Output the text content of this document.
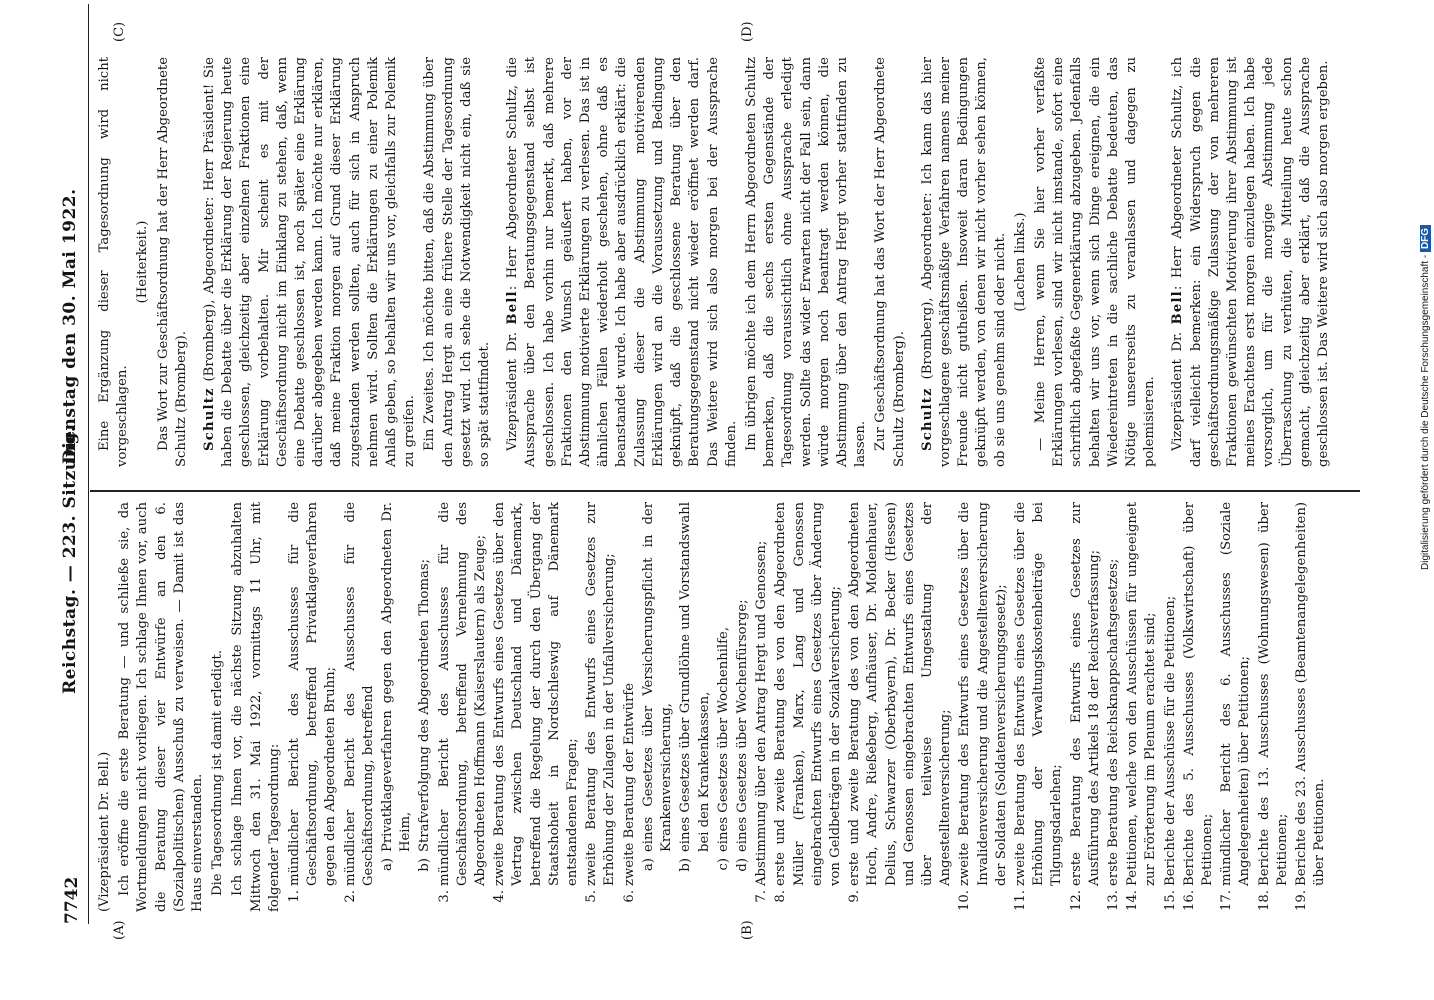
7742
Reichstag. — 223. Sitzung.
Dienstag den 30. Mai 1922.
(A)	(B)
(C)	(D)

(Vizepräsident Dr. Bell.) Ich eröffne die erste Beratung — und schließe sie, da Wortmeldungen nicht vorliegen. Ich schlage Ihnen vor, auch die Beratung dieser vier Entwürfe an den 6. (Sozialpolitischen) Ausschuß zu verweisen. — Damit ist das Haus einverstanden. Die Tagesordnung ist damit erledigt. Ich schlage Ihnen vor, die nächste Sitzung abzuhalten Mittwoch den 31. Mai 1922, vormittags 11 Uhr, mit folgender Tagesordnung: 1.
mündlicher Bericht des Ausschusses für die Geschäftsordnung, betreffend Privatklageverfahren gegen den Abgeordneten Bruhn;
2.
mündlicher Bericht des Ausschusses für die Geschäftsordnung, betreffend a)
Privatklageverfahren gegen den Abgeordneten Dr. Heim,
b)
Strafverfolgung des Abgeordneten Thomas;
3.
mündlicher Bericht des Ausschusses für die Geschäftsordnung, betreffend Vernehmung des Abgeordneten Hoffmann (Kaiserslautern) als Zeuge;
4.
zweite Beratung des Entwurfs eines Gesetzes über den Vertrag zwischen Deutschland und Dänemark, betreffend die Regelung der durch den Übergang der Staatshoheit in Nordschleswig auf Dänemark entstandenen Fragen;
5.
zweite Beratung des Entwurfs eines Gesetzes zur Erhöhung der Zulagen in der Unfallversicherung;
6.
zweite Beratung der Entwürfe a)
eines Gesetzes über Versicherungspflicht in der Krankenversicherung,
b)
eines Gesetzes über Grundlöhne und Vorstandswahl bei den Krankenkassen,
c)
eines Gesetzes über Wochenhilfe,
d)
eines Gesetzes über Wochenfürsorge;
7.
Abstimmung über den Antrag Hergt und Genossen;
8.
erste und zweite Beratung des von den Abgeordneten Müller (Franken), Marx, Lang und Genossen eingebrachten Entwurfs eines Gesetzes über Änderung von Geldbeträgen in der Sozialversicherung;
9.
erste und zweite Beratung des von den Abgeordneten Hoch, Andre, Rießeberg, Aufhäuser, Dr. Moldenhauer, Delius, Schwarzer (Oberbayern), Dr. Becker (Hessen) und Genossen eingebrachten Entwurfs eines Gesetzes über teilweise Umgestaltung der Angestelltenversicherung;
10.
zweite Beratung des Entwurfs eines Gesetzes über die Invalidenversicherung und die Angestelltenversicherung der Soldaten (Soldatenversicherungsgesetz);
11.
zweite Beratung des Entwurfs eines Gesetzes über die Erhöhung der Verwaltungskostenbeiträge bei Tilgungsdarlehen;
12.
erste Beratung des Entwurfs eines Gesetzes zur Ausführung des Artikels 18 der Reichsverfassung;
13.
erste Beratung des Reichsknappschaftsgesetzes;
14.
Petitionen, welche von den Ausschüssen für ungeeignet zur Erörterung im Plenum erachtet sind;
15.
Berichte der Ausschüsse für die Petitionen;
16.
Berichte des 5. Ausschusses (Volkswirtschaft) über Petitionen;
17.
mündlicher Bericht des 6. Ausschusses (Soziale Angelegenheiten) über Petitionen;
18.
Berichte des 13. Ausschusses (Wohnungswesen) über Petitionen;
19.
Berichte des 23. Ausschusses (Beamtenangelegenheiten) über Petitionen.

Eine Ergänzung dieser Tagesordnung wird nicht vorgeschlagen.

(Heiterkeit.) Das Wort zur Geschäftsordnung hat der Herr Abgeordnete Schultz (Bromberg). Schultz (Bromberg), Abgeordneter: Herr Präsident! Sie haben die Debatte über die Erklärung der Regierung heute geschlossen, gleichzeitig aber einzelnen Fraktionen eine Erklärung vorbehalten. Mir scheint es mit der Geschäftsordnung nicht im Einklang zu stehen, daß, wenn eine Debatte geschlossen ist, noch später eine Erklärung darüber abgegeben werden kann. Ich möchte nur erklären, daß meine Fraktion morgen auf Grund dieser Erklärung zugestanden werden sollten, auch für sich in Anspruch nehmen wird. Sollten die Erklärungen zu einer Polemik Anlaß geben, so behalten wir uns vor, gleichfalls zur Polemik zu greifen. Ein Zweites. Ich möchte bitten, daß die Abstimmung über den Antrag Hergt an eine frühere Stelle der Tagesordnung gesetzt wird. Ich sehe die Notwendigkeit nicht ein, daß sie so spät stattfindet. Vizepräsident Dr. Bell: Herr Abgeordneter Schultz, die Aussprache über den Beratungsgegenstand selbst ist geschlossen. Ich habe vorhin nur bemerkt, daß mehrere Fraktionen den Wunsch geäußert haben, vor der Abstimmung motivierte Erklärungen zu verlesen. Das ist in ähnlichen Fällen wiederholt geschehen, ohne daß es beanstandet wurde. Ich habe aber ausdrücklich erklärt: die Zulassung dieser die Abstimmung motivierenden Erklärungen wird an die Voraussetzung und Bedingung geknüpft, daß die geschlossene Beratung über den Beratungsgegenstand nicht wieder eröffnet werden darf. Das Weitere wird sich also morgen bei der Aussprache finden. Im übrigen möchte ich dem Herrn Abgeordneten Schultz bemerken, daß die sechs ersten Gegenstände der Tagesordnung voraussichtlich ohne Aussprache erledigt werden. Sollte das wider Erwarten nicht der Fall sein, dann würde morgen noch beantragt werden können, die Abstimmung über den Antrag Hergt vorher stattfinden zu lassen. Zur Geschäftsordnung hat das Wort der Herr Abgeordnete Schultz (Bromberg). Schultz (Bromberg), Abgeordneter: Ich kann das hier vorgeschlagene geschäftsmäßige Verfahren namens meiner Freunde nicht gutheißen. Insoweit daran Bedingungen geknüpft werden, von denen wir nicht vorher sehen können, ob sie uns genehm sind oder nicht. (Lachen links.) — Meine Herren, wenn Sie hier vorher verfaßte Erklärungen vorlesen, sind wir nicht imstande, sofort eine schriftlich abgefaßte Gegenerklärung abzugeben. Jedenfalls behalten wir uns vor, wenn sich Dinge ereignen, die ein Wiedereintreten in die sachliche Debatte bedeuten, das Nötige unsererseits zu veranlassen und dagegen zu polemisieren. Vizepräsident Dr. Bell: Herr Abgeordneter Schultz, ich darf vielleicht bemerken: ein Widerspruch gegen die geschäftsordnungsmäßige Zulassung der von mehreren Fraktionen gewünschten Motivierung ihrer Abstimmung ist meines Erachtens erst morgen einzulegen haben. Ich habe vorsorglich, um für die morgige Abstimmung jede Überraschung zu verhüten, die Mitteilung heute schon gemacht, gleichzeitig aber erklärt, daß die Aussprache geschlossen ist. Das Weitere wird sich also morgen ergeben.	Digitalisierung gefördert durch die Deutsche Forschungsgemeinschaft - DFG
